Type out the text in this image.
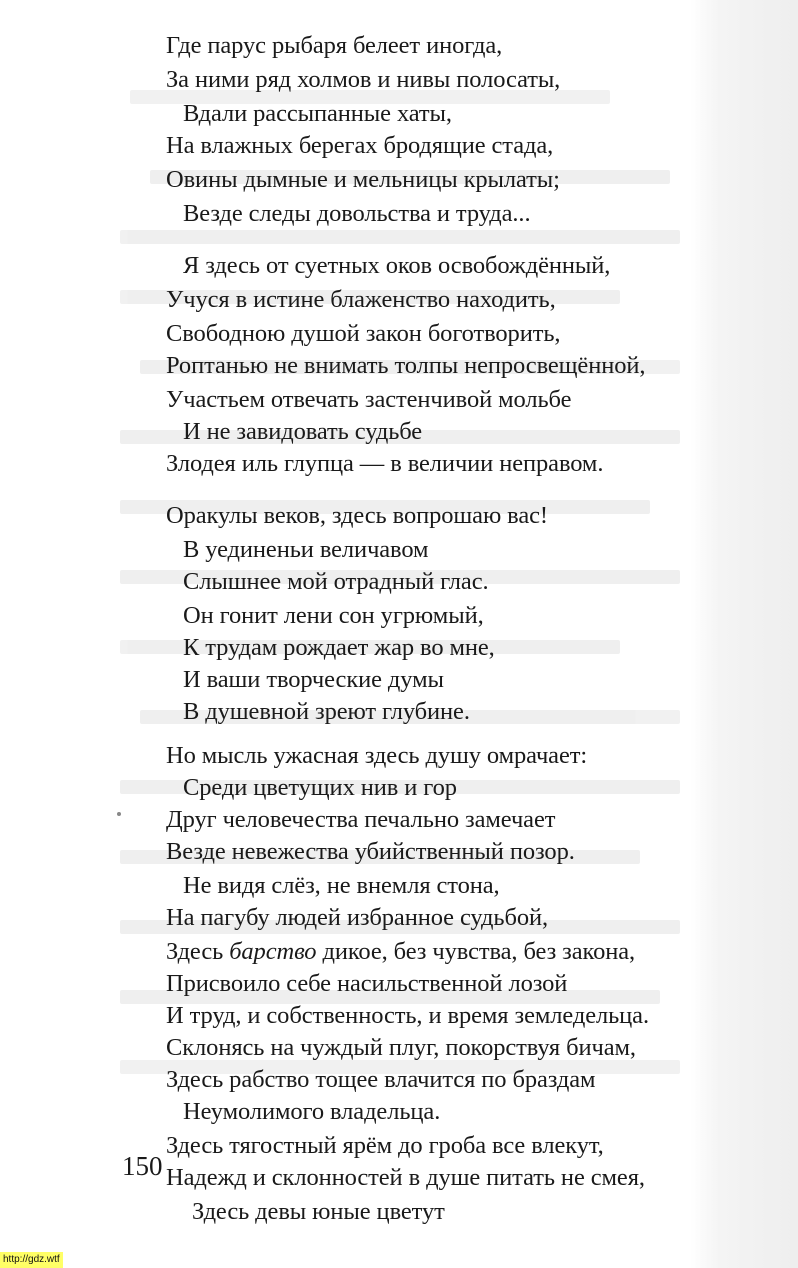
Где парус рыбаря белеет иногда,
За ними ряд холмов и нивы полосаты,
Вдали рассыпанные хаты,
На влажных берегах бродящие стада,
Овины дымные и мельницы крылаты;
Везде следы довольства и труда...
Я здесь от суетных оков освобождённый,
Учуся в истине блаженство находить,
Свободною душой закон боготворить,
Роптанью не внимать толпы непросвещённой,
Участьем отвечать застенчивой мольбе
И не завидовать судьбе
Злодея иль глупца — в величии неправом.
Оракулы веков, здесь вопрошаю вас!
В уединеньи величавом
Слышнее мой отрадный глас.
Он гонит лени сон угрюмый,
К трудам рождает жар во мне,
И ваши творческие думы
В душевной зреют глубине.
Но мысль ужасная здесь душу омрачает:
Среди цветущих нив и гор
Друг человечества печально замечает
Везде невежества убийственный позор.
Не видя слёз, не внемля стона,
На пагубу людей избранное судьбой,
Здесь барство дикое, без чувства, без закона,
Присвоило себе насильственной лозой
И труд, и собственность, и время земледельца.
Склонясь на чуждый плуг, покорствуя бичам,
Здесь рабство тощее влачится по браздам
Неумолимого владельца.
Здесь тягостный ярём до гроба все влекут,
Надежд и склонностей в душе питать не смея,
Здесь девы юные цветут
150
http://gdz.wtf
